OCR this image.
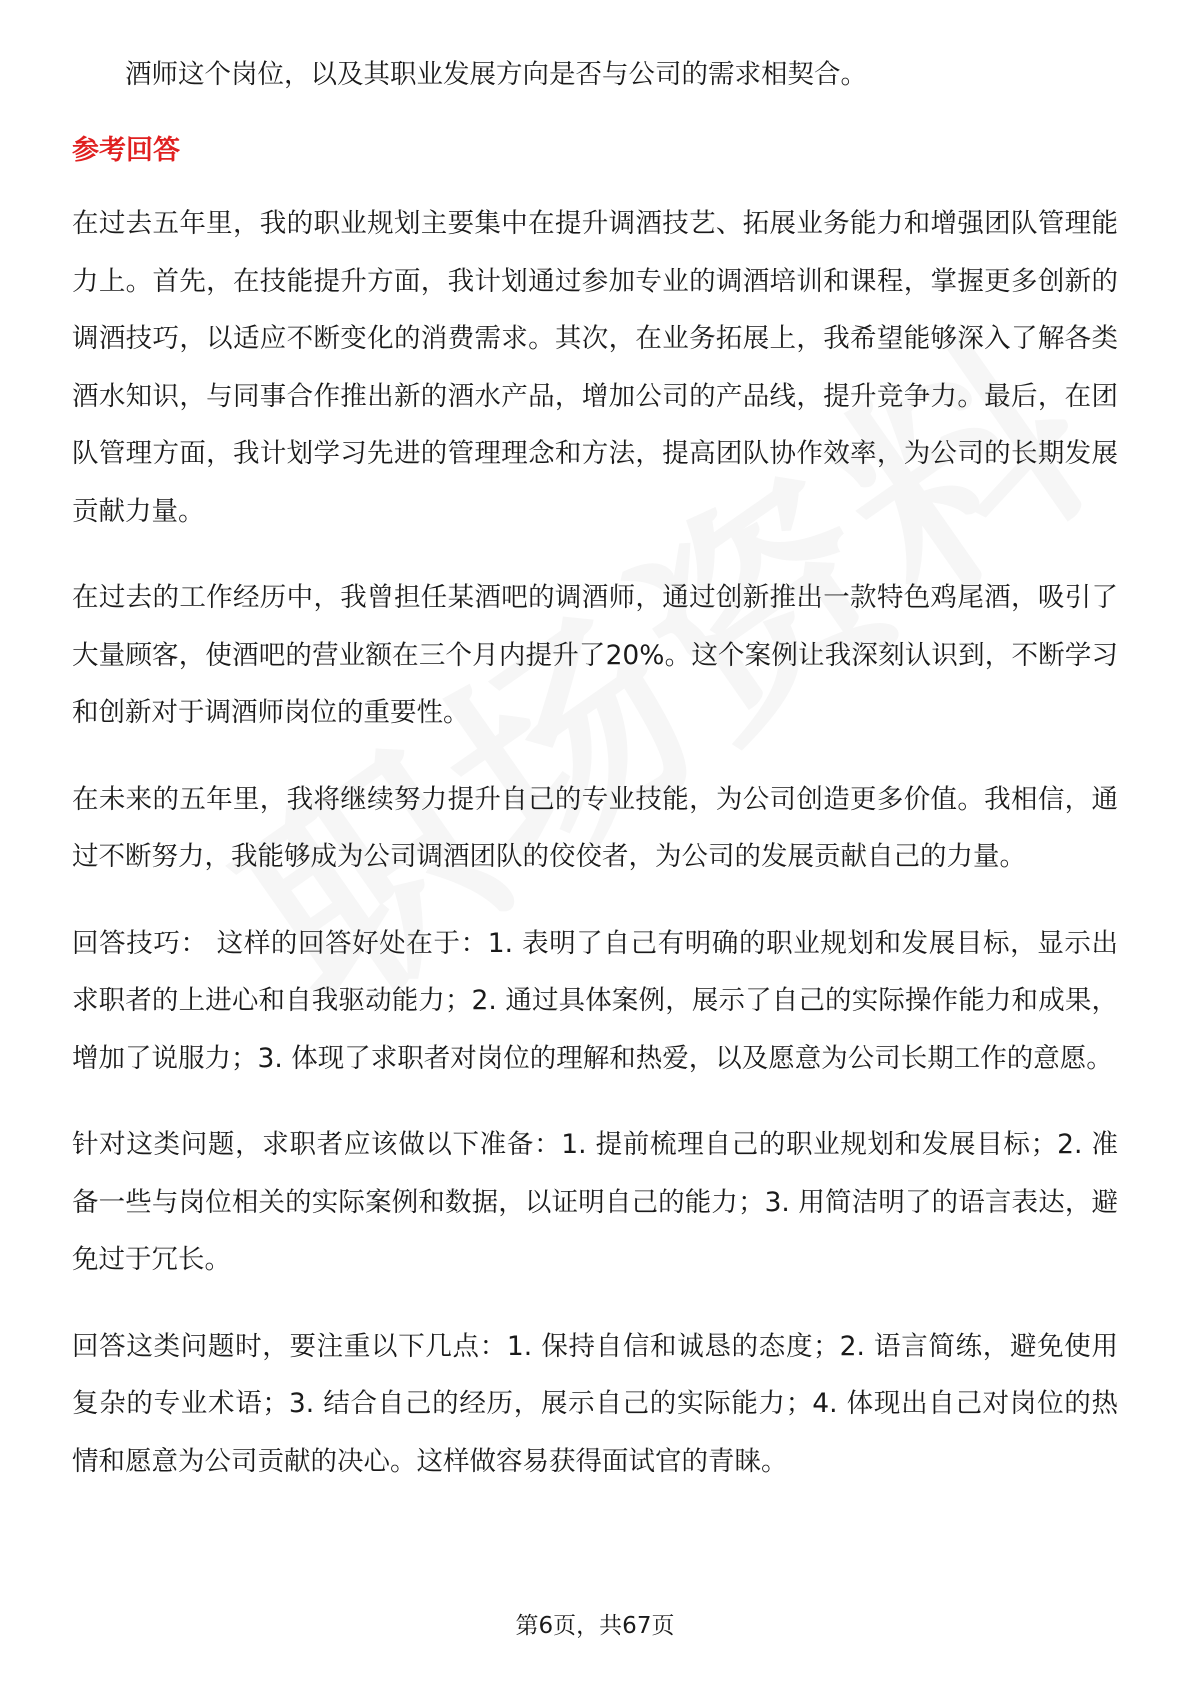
酒师这个岗位，以及其职业发展方向是否与公司的需求相契合。

参考回答

在过去五年里，我的职业规划主要集中在提升调酒技艺、拓展业务能力和增强团队管理能力上。首先，在技能提升方面，我计划通过参加专业的调酒培训和课程，掌握更多创新的调酒技巧，以适应不断变化的消费需求。其次，在业务拓展上，我希望能够深入了解各类酒水知识，与同事合作推出新的酒水产品，增加公司的产品线，提升竞争力。最后，在团队管理方面，我计划学习先进的管理理念和方法，提高团队协作效率，为公司的长期发展贡献力量。

在过去的工作经历中，我曾担任某酒吧的调酒师，通过创新推出一款特色鸡尾酒，吸引了大量顾客，使酒吧的营业额在三个月内提升了20%。这个案例让我深刻认识到，不断学习和创新对于调酒师岗位的重要性。

在未来的五年里，我将继续努力提升自己的专业技能，为公司创造更多价值。我相信，通过不断努力，我能够成为公司调酒团队的佼佼者，为公司的发展贡献自己的力量。

回答技巧： 这样的回答好处在于：1. 表明了自己有明确的职业规划和发展目标，显示出求职者的上进心和自我驱动能力；2. 通过具体案例，展示了自己的实际操作能力和成果，增加了说服力；3. 体现了求职者对岗位的理解和热爱，以及愿意为公司长期工作的意愿。

针对这类问题，求职者应该做以下准备：1. 提前梳理自己的职业规划和发展目标；2. 准备一些与岗位相关的实际案例和数据，以证明自己的能力；3. 用简洁明了的语言表达，避免过于冗长。

回答这类问题时，要注重以下几点：1. 保持自信和诚恳的态度；2. 语言简练，避免使用复杂的专业术语；3. 结合自己的经历，展示自己的实际能力；4. 体现出自己对岗位的热情和愿意为公司贡献的决心。这样做容易获得面试官的青睐。

第6页，共67页
